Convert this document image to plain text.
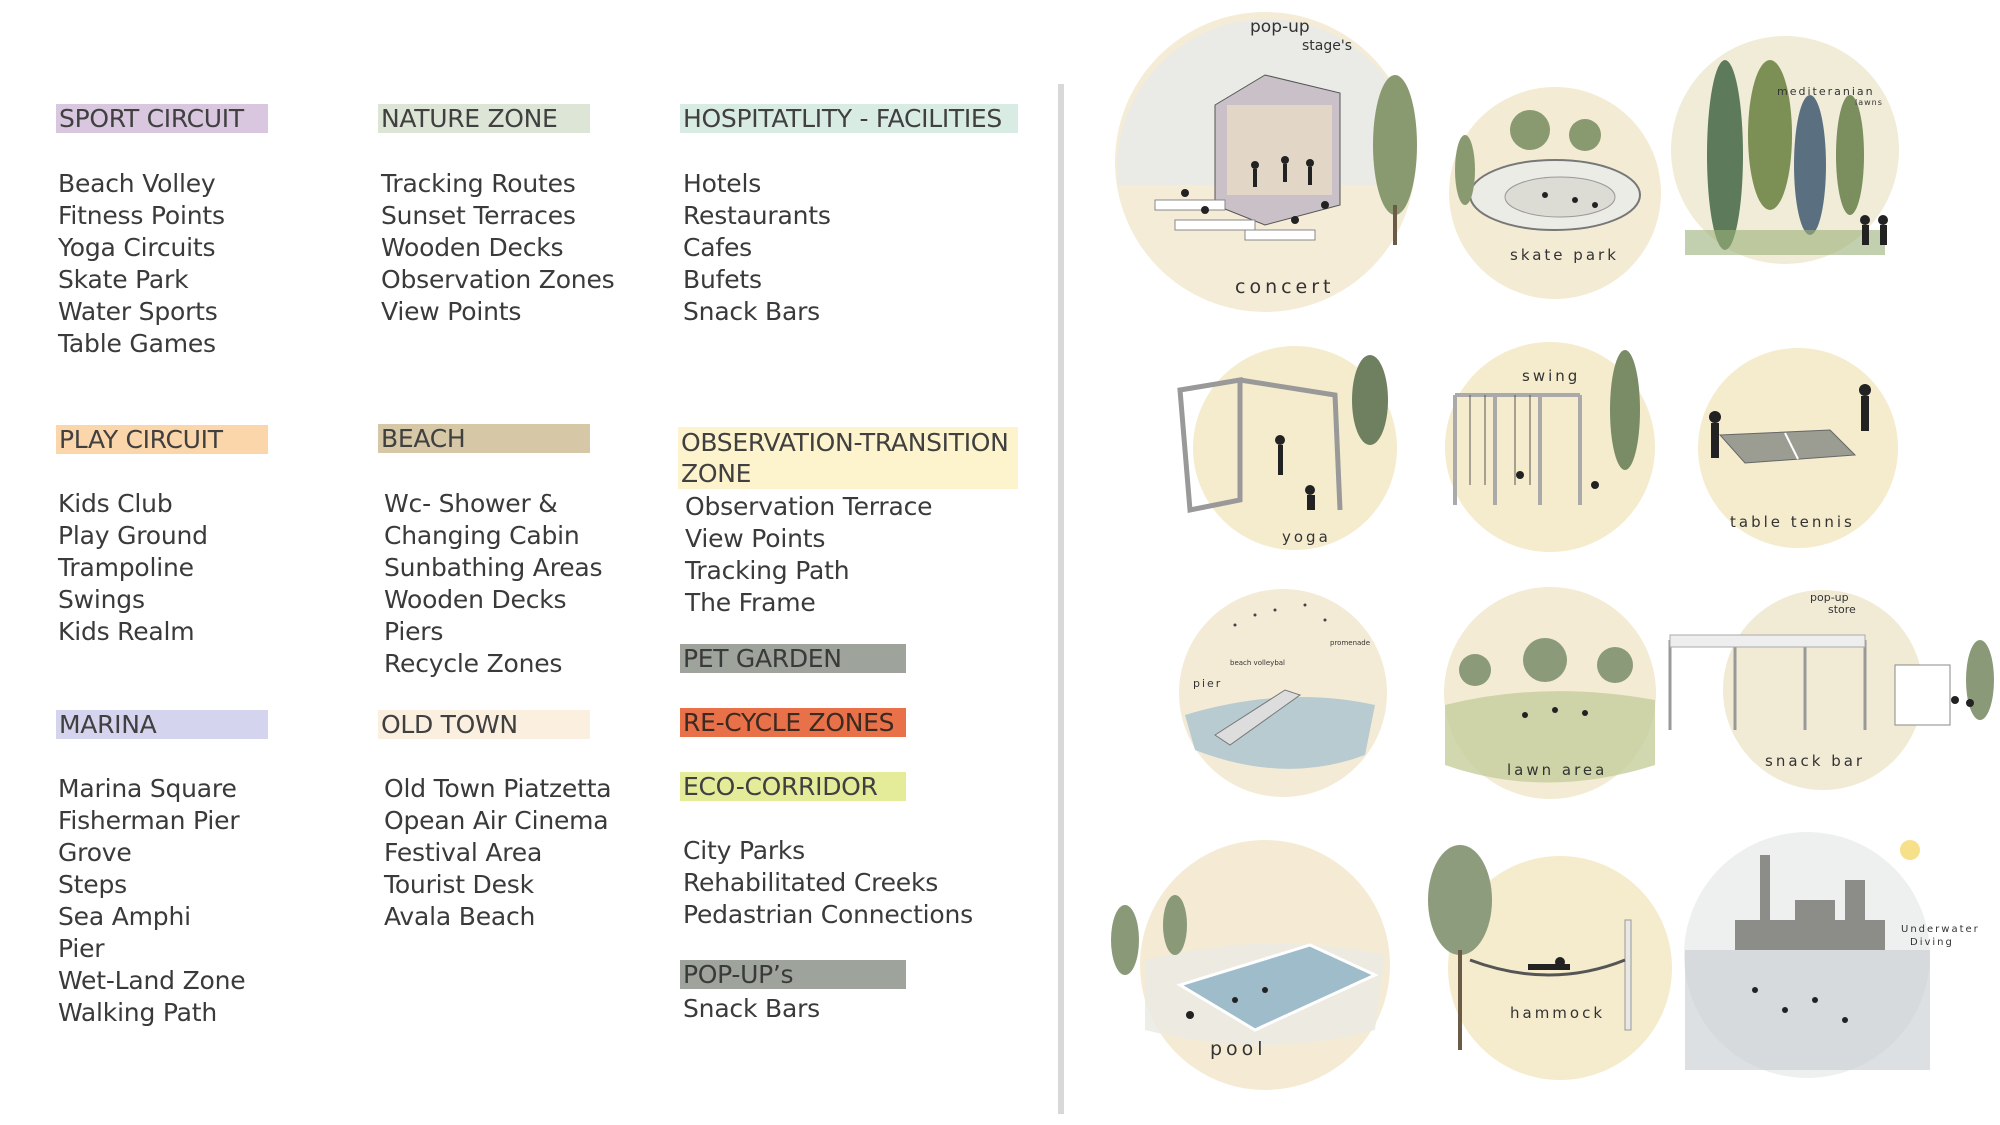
SPORT CIRCUIT
Beach Volley
Fitness Points
Yoga Circuits
Skate Park
Water Sports
Table Games
NATURE ZONE
Tracking Routes
Sunset Terraces
Wooden Decks
Observation Zones
View Points
HOSPITATLITY - FACILITIES
Hotels
Restaurants
Cafes
Bufets
Snack Bars
PLAY CIRCUIT
Kids Club
Play Ground
Trampoline
Swings
Kids Realm
BEACH
Wc- Shower &
Changing Cabin
Sunbathing Areas
Wooden Decks
Piers
Recycle Zones
OBSERVATION-TRANSITION ZONE
Observation Terrace
View Points
Tracking Path
The Frame
MARINA
Marina Square
Fisherman Pier
Grove
Steps
Sea Amphi
Pier
Wet-Land Zone
Walking Path
OLD TOWN
Old Town Piatzetta
Opean Air Cinema
Festival Area
Tourist Desk
Avala Beach
PET GARDEN
RE-CYCLE ZONES
ECO-CORRIDOR
City Parks
Rehabilitated Creeks
Pedastrian Connections
POP-UP’s
Snack Bars
concert
pop-up
stage's
skate park
mediteranian
lawns
yoga
swing
table tennis
pier
beach volleybal
promenade
lawn area	snack bar
pop-up
store
pool
hammock
Underwater
Diving
